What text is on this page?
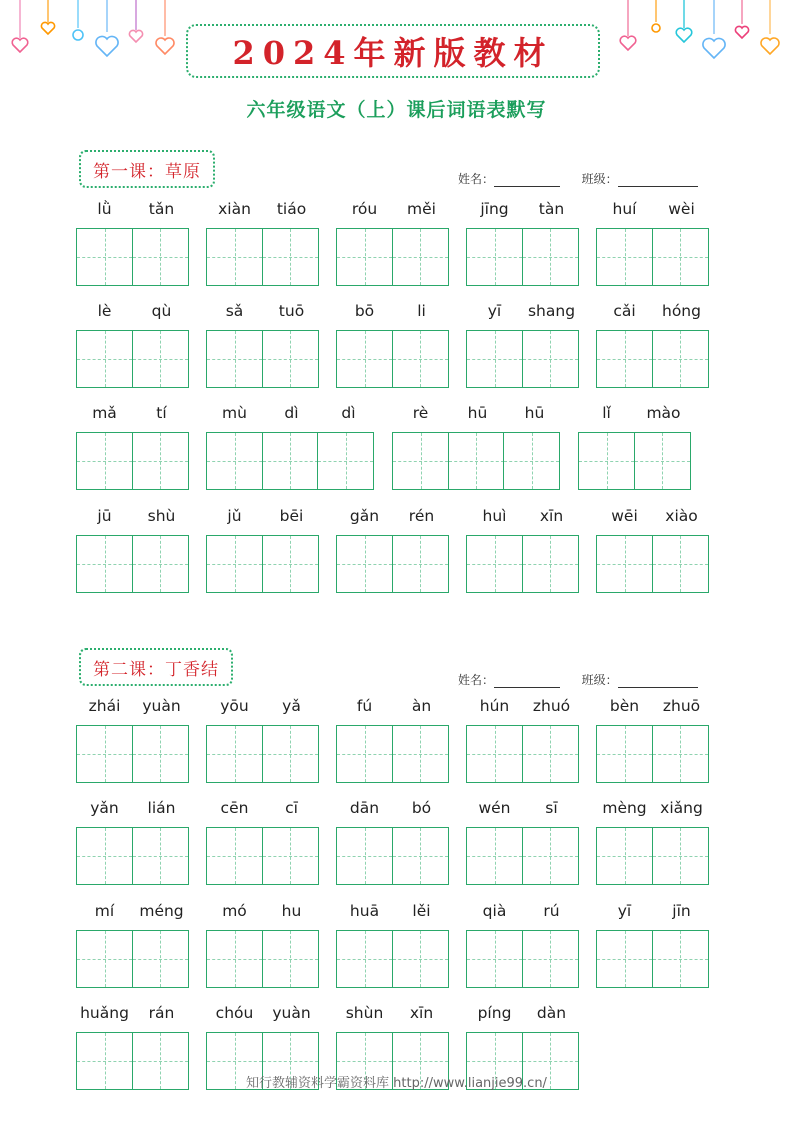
2024年新版教材
六年级语文（上）课后词语表默写
第一课：草原	姓名：	班级：
第二课：丁香结
姓名：	班级：
lǜ	tǎn	xiàn	tiáo	róu	měi	jīng	tàn	huí	wèi
lè	qù	sǎ	tuō	bō	li	yī	shang	cǎi	hóng
mǎ	tí	mù	dì	dì	rè	hū	hū	lǐ	mào
jū	shù	jǔ	bēi	gǎn	rén	huì	xīn	wēi	xiào
zhái	yuàn	yōu	yǎ	fú	àn	hún	zhuó	bèn	zhuō
yǎn	lián	cēn	cī	dān	bó	wén	sī	mèng xiǎng
mí	méng	mó	hu	huā	lěi	qià	rú	yī	jīn
huǎng	rán	chóu	yuàn	shùn	xīn	píng	dàn
知行教辅资料学霸资料库 http://www.lianjie99.cn/
